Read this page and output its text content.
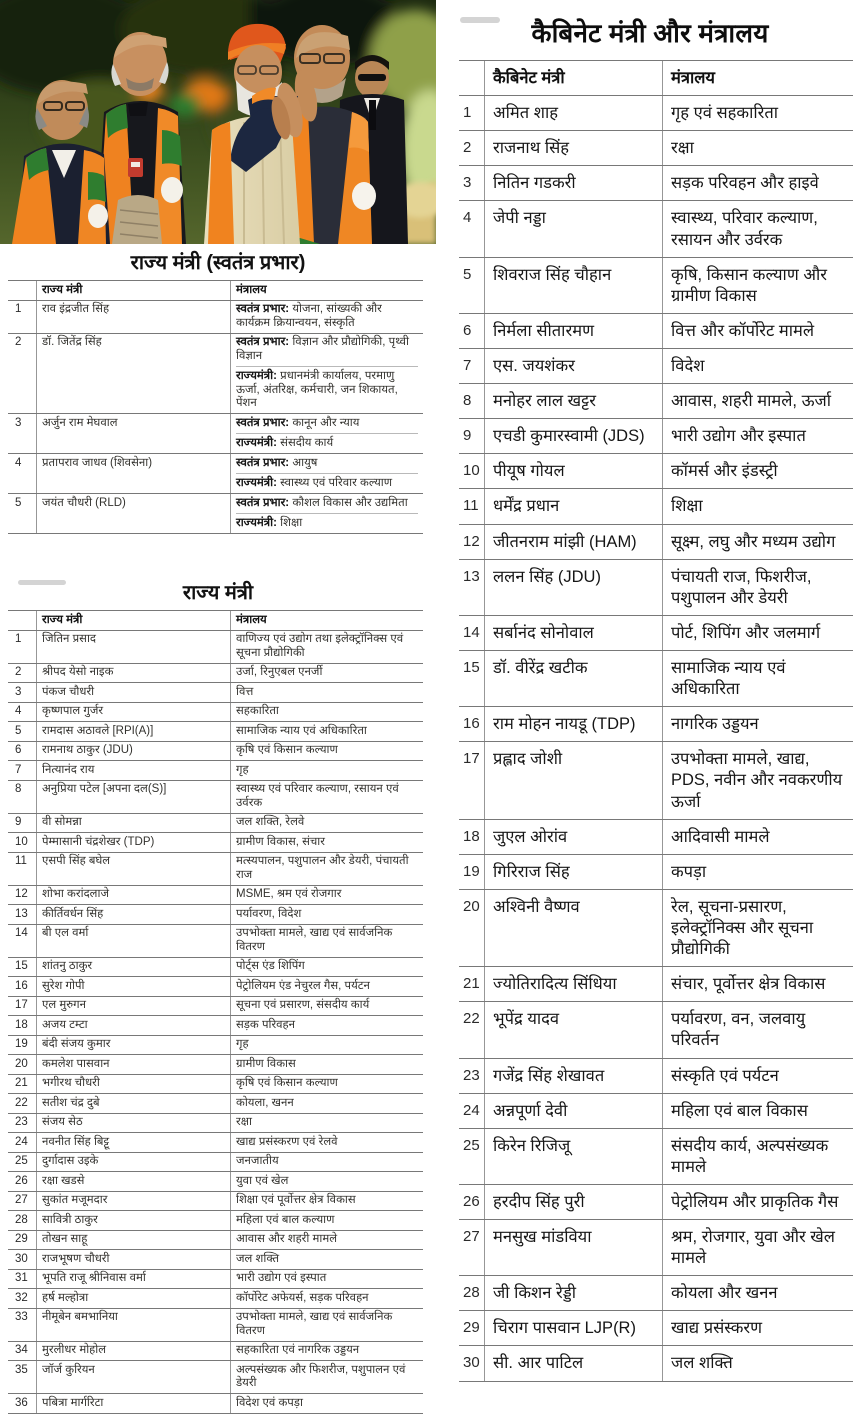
राज्य मंत्री (स्वतंत्र प्रभार)
राज्य मंत्री	मंत्रालय
1	राव इंद्रजीत सिंह	स्वतंत्र प्रभार: योजना, सांख्यकी और कार्यक्रम क्रियान्वयन, संस्कृति
2	डॉ. जितेंद्र सिंह	स्वतंत्र प्रभार: विज्ञान और प्रौद्योगिकी, पृथ्वी विज्ञान
राज्यमंत्री: प्रधानमंत्री कार्यालय, परमाणु ऊर्जा, अंतरिक्ष, कर्मचारी, जन शिकायत, पेंशन
3	अर्जुन राम मेघवाल	स्वतंत्र प्रभार: कानून और न्याय
राज्यमंत्री: संसदीय कार्य
4	प्रतापराव जाधव (शिवसेना)	स्वतंत्र प्रभार: आयुष
राज्यमंत्री: स्वास्थ्य एवं परिवार कल्याण
5	जयंत चौधरी (RLD)	स्वतंत्र प्रभार: कौशल विकास और उद्यमिता
राज्यमंत्री: शिक्षा
राज्य मंत्री
राज्य मंत्री	मंत्रालय
1	जितिन प्रसाद	वाणिज्य एवं उद्योग तथा इलेक्ट्रॉनिक्स एवं सूचना प्रौद्योगिकी
2	श्रीपद येसो नाइक	उर्जा, रिनुएबल एनर्जी
3	पंकज चौधरी	वित्त
4	कृष्णपाल गुर्जर	सहकारिता
5	रामदास अठावले [RPI(A)]	सामाजिक न्याय एवं अधिकारिता
6	रामनाथ ठाकुर (JDU)	कृषि एवं किसान कल्याण
7	नित्यानंद राय	गृह
8	अनुप्रिया पटेल [अपना दल(S)]	स्वास्थ्य एवं परिवार कल्याण, रसायन एवं उर्वरक
9	वी सोमन्ना	जल शक्ति, रेलवे
10	पेम्मासानी चंद्रशेखर (TDP)	ग्रामीण विकास, संचार
11	एसपी सिंह बघेल	मत्स्यपालन, पशुपालन और डेयरी, पंचायती राज
12	शोभा करांदलाजे	MSME, श्रम एवं रोजगार
13	कीर्तिवर्धन सिंह	पर्यावरण, विदेश
14	बी एल वर्मा	उपभोक्ता मामले, खाद्य एवं सार्वजनिक वितरण
15	शांतनु ठाकुर	पोर्ट्स एंड शिपिंग
16	सुरेश गोपी	पेट्रोलियम एंड नेचुरल गैस, पर्यटन
17	एल मुरुगन	सूचना एवं प्रसारण, संसदीय कार्य
18	अजय टम्टा	सड़क परिवहन
19	बंदी संजय कुमार	गृह
20	कमलेश पासवान	ग्रामीण विकास
21	भगीरथ चौधरी	कृषि एवं किसान कल्याण
22	सतीश चंद्र दुबे	कोयला, खनन
23	संजय सेठ	रक्षा
24	नवनीत सिंह बिट्टू	खाद्य प्रसंस्करण एवं रेलवे
25	दुर्गादास उइके	जनजातीय
26	रक्षा खडसे	युवा एवं खेल
27	सुकांत मजूमदार	शिक्षा एवं पूर्वोत्तर क्षेत्र विकास
28	सावित्री ठाकुर	महिला एवं बाल कल्याण
29	तोखन साहू	आवास और शहरी मामले
30	राजभूषण चौधरी	जल शक्ति
31	भूपति राजू श्रीनिवास वर्मा	भारी उद्योग एवं इस्पात
32	हर्ष मल्होत्रा	कॉर्पोरेट अफेयर्स, सड़क परिवहन
33	नीमूबेन बमभानिया	उपभोक्ता मामले, खाद्य एवं सार्वजनिक वितरण
34	मुरलीधर मोहोल	सहकारिता एवं नागरिक उड्डयन
35	जॉर्ज कुरियन	अल्पसंख्यक और फिशरीज, पशुपालन एवं डेयरी
36	पबित्रा मार्गरिटा	विदेश एवं कपड़ा
कैबिनेट मंत्री और मंत्रालय
कैबिनेट मंत्री	मंत्रालय
1	अमित शाह	गृह एवं सहकारिता
2	राजनाथ सिंह	रक्षा
3	नितिन गडकरी	सड़क परिवहन और हाइवे
4	जेपी नड्डा	स्वास्थ्य, परिवार कल्याण, रसायन और उर्वरक
5	शिवराज सिंह चौहान	कृषि, किसान कल्याण और ग्रामीण विकास
6	निर्मला सीतारमण	वित्त और कॉर्पोरेट मामले
7	एस. जयशंकर	विदेश
8	मनोहर लाल खट्टर	आवास, शहरी मामले, ऊर्जा
9	एचडी कुमारस्वामी (JDS)	भारी उद्योग और इस्पात
10 पीयूष गोयल	कॉमर्स और इंडस्ट्री
11 धर्मेंद्र प्रधान	शिक्षा
12 जीतनराम मांझी (HAM)	सूक्ष्म, लघु और मध्यम उद्योग
13 ललन सिंह (JDU)	पंचायती राज, फिशरीज, पशुपालन और डेयरी
14 सर्बानंद सोनोवाल	पोर्ट, शिपिंग और जलमार्ग
15 डॉ. वीरेंद्र खटीक	सामाजिक न्याय एवं अधिकारिता
16 राम मोहन नायडू (TDP)	नागरिक उड्डयन
17 प्रह्लाद जोशी	उपभोक्ता मामले, खाद्य, PDS, नवीन और नवकरणीय ऊर्जा
18 जुएल ओरांव	आदिवासी मामले
19 गिरिराज सिंह	कपड़ा
20 अश्विनी वैष्णव	रेल, सूचना-प्रसारण, इलेक्ट्रॉनिक्स और सूचना प्रौद्योगिकी
21 ज्योतिरादित्य सिंधिया	संचार, पूर्वोत्तर क्षेत्र विकास
22 भूपेंद्र यादव	पर्यावरण, वन, जलवायु परिवर्तन
23 गजेंद्र सिंह शेखावत	संस्कृति एवं पर्यटन
24 अन्नपूर्णा देवी	महिला एवं बाल विकास
25 किरेन रिजिजू	संसदीय कार्य, अल्पसंख्यक मामले
26 हरदीप सिंह पुरी	पेट्रोलियम और प्राकृतिक गैस
27 मनसुख मांडविया	श्रम, रोजगार, युवा और खेल मामले
28 जी किशन रेड्डी	कोयला और खनन
29 चिराग पासवान LJP(R)	खाद्य प्रसंस्करण
30 सी. आर पाटिल	जल शक्ति
